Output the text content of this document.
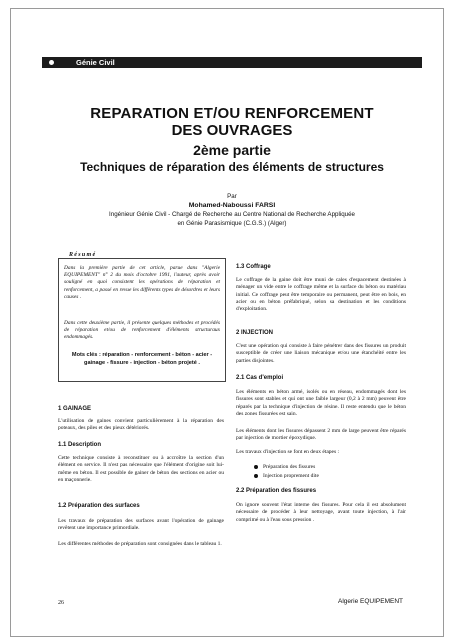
Génie Civil
REPARATION ET/OU RENFORCEMENT
DES OUVRAGES
2ème partie
Techniques de réparation des éléments de structures
Par
Mohamed-Naboussi FARSI
Ingénieur Génie Civil - Chargé de Recherche au Centre National de Recherche Appliquée
en Génie Parasismique (C.G.S.) (Alger)
Résumé
Dans la première partie de cet article, parue dans "Algerie EQUIPEMENT" n° 2 du mois d'octobre 1991, l'auteur, après avoir souligné en quoi consistent les opérations de réparation et renforcement, a passé en revue les différents types de désordres et leurs causes .
Dans cette deuxième partie, il présente quelques méthodes et procédés de réparation et/ou de renforcement d'éléments structuraux endommagés.
Mots clés : réparation - renforcement - béton - acier - gainage - fissure - injection - béton projeté .
1 GAINAGE
L'utilisation de gaines convient particulièrement à la réparation des poteaux, des piles et des pieux détériorés.
1.1 Description
Cette technique consiste à reconstituer ou à accroître la section d'un élément en service. Il n'est pas nécessaire que l'élément d'origine soit lui-même en béton. Il est possible de gainer de béton des sections en acier ou en maçonnerie.
1.2 Préparation des surfaces
Les travaux de préparation des surfaces avant l'opération de gainage revêtent une importance primordiale.
Les différentes méthodes de préparation sont consignées dans le tableau 1.
1.3 Coffrage
Le coffrage de la gaine doit être muni de cales d'espacement destinées à ménager un vide entre le coffrage même et la surface du béton ou matériau initial. Ce coffrage peut être temporaire ou permanent, peut être en bois, en acier ou en béton préfabriqué, selon sa destination et les conditions d'exploitation.
2 INJECTION
C'est une opération qui consiste à faire pénétrer dans des fissures un produit susceptible de créer une liaison mécanique et/ou une étanchéité entre les parties disjointes.
2.1 Cas d'emploi
Les éléments en béton armé, isolés ou en réseau, endommagés dont les fissures sont stables et qui ont une faible largeur (0,2 à 2 mm) peuvent être réparés par la technique d'injection de résine. Il reste entendu que le béton des zones fissurées est sain.
Les éléments dont les fissures dépassent 2 mm de large peuvent être réparés par injection de mortier époxydique.
Les travaux d'injection se font en deux étapes :
Préparation des fissures
Injection proprement dite
2.2 Préparation des fissures
On ignore souvent l'état interne des fissures. Pour cela il est absolument nécessaire de procéder à leur nettoyage, avant toute injection, à l'air comprimé ou à l'eau sous pression .
26	Algerie EQUIPEMENT
